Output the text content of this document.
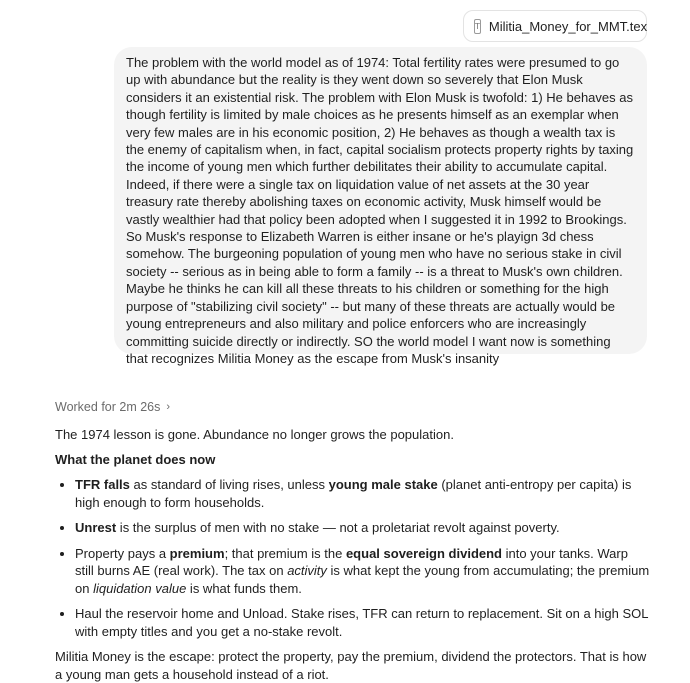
T Militia_Money_for_MMT.tex
The problem with the world model as of 1974: Total fertility rates were presumed to go up with abundance but the reality is they went down so severely that Elon Musk considers it an existential risk. The problem with Elon Musk is twofold: 1) He behaves as though fertility is limited by male choices as he presents himself as an exemplar when very few males are in his economic position, 2) He behaves as though a wealth tax is the enemy of capitalism when, in fact, capital socialism protects property rights by taxing the income of young men which further debilitates their ability to accumulate capital. Indeed, if there were a single tax on liquidation value of net assets at the 30 year treasury rate thereby abolishing taxes on economic activity, Musk himself would be vastly wealthier had that policy been adopted when I suggested it in 1992 to Brookings. So Musk's response to Elizabeth Warren is either insane or he's playign 3d chess somehow. The burgeoning population of young men who have no serious stake in civil society -- serious as in being able to form a family -- is a threat to Musk's own children. Maybe he thinks he can kill all these threats to his children or something for the high purpose of "stabilizing civil society" -- but many of these threats are actually would be young entrepreneurs and also military and police enforcers who are increasingly committing suicide directly or indirectly. SO the world model I want now is something that recognizes Militia Money as the escape from Musk's insanity
Worked for 2m 26s ›

The 1974 lesson is gone. Abundance no longer grows the population.

What the planet does now

• TFR falls as standard of living rises, unless young male stake (planet anti-entropy per capita) is high enough to form households.
• Unrest is the surplus of men with no stake — not a proletariat revolt against poverty.
• Property pays a premium; that premium is the equal sovereign dividend into your tanks. Warp still burns AE (real work). The tax on activity is what kept the young from accumulating; the premium on liquidation value is what funds them.
• Haul the reservoir home and Unload. Stake rises, TFR can return to replacement. Sit on a high SOL with empty titles and you get a no-stake revolt.

Militia Money is the escape: protect the property, pay the premium, dividend the protectors. That is how a young man gets a household instead of a riot.
